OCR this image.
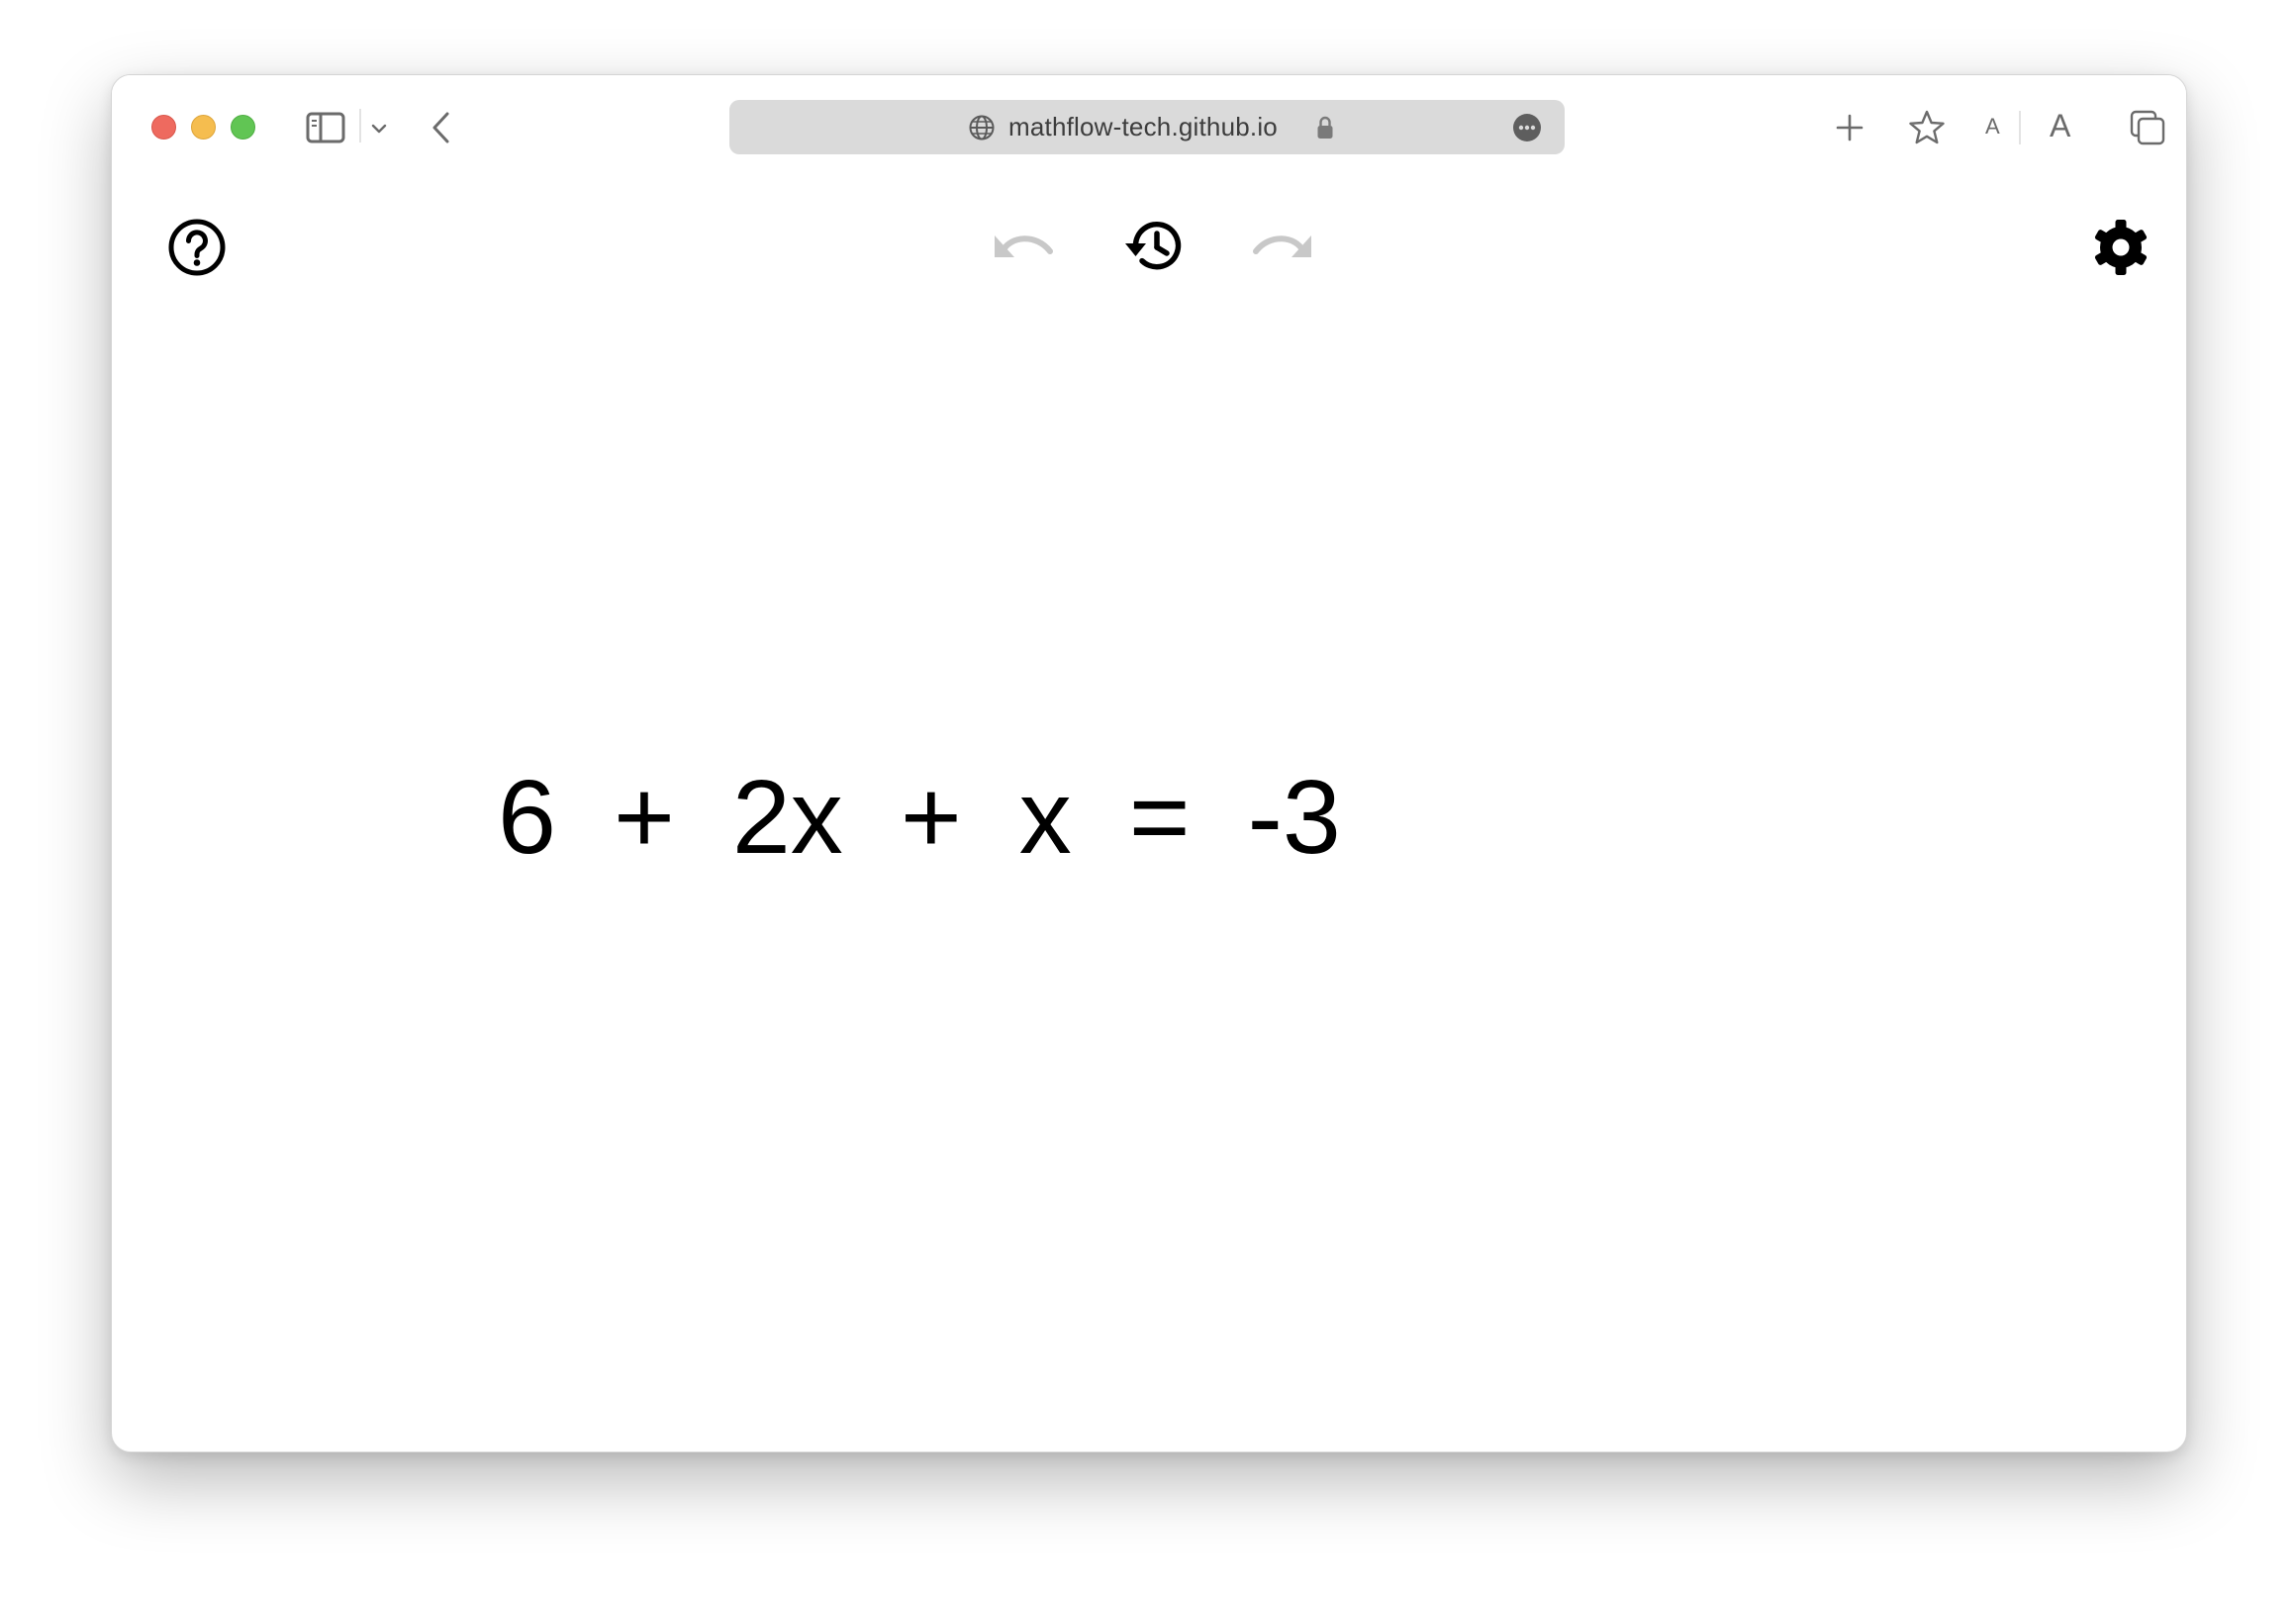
mathflow-tech.github.io	A A
6 + 2x + x = -3
